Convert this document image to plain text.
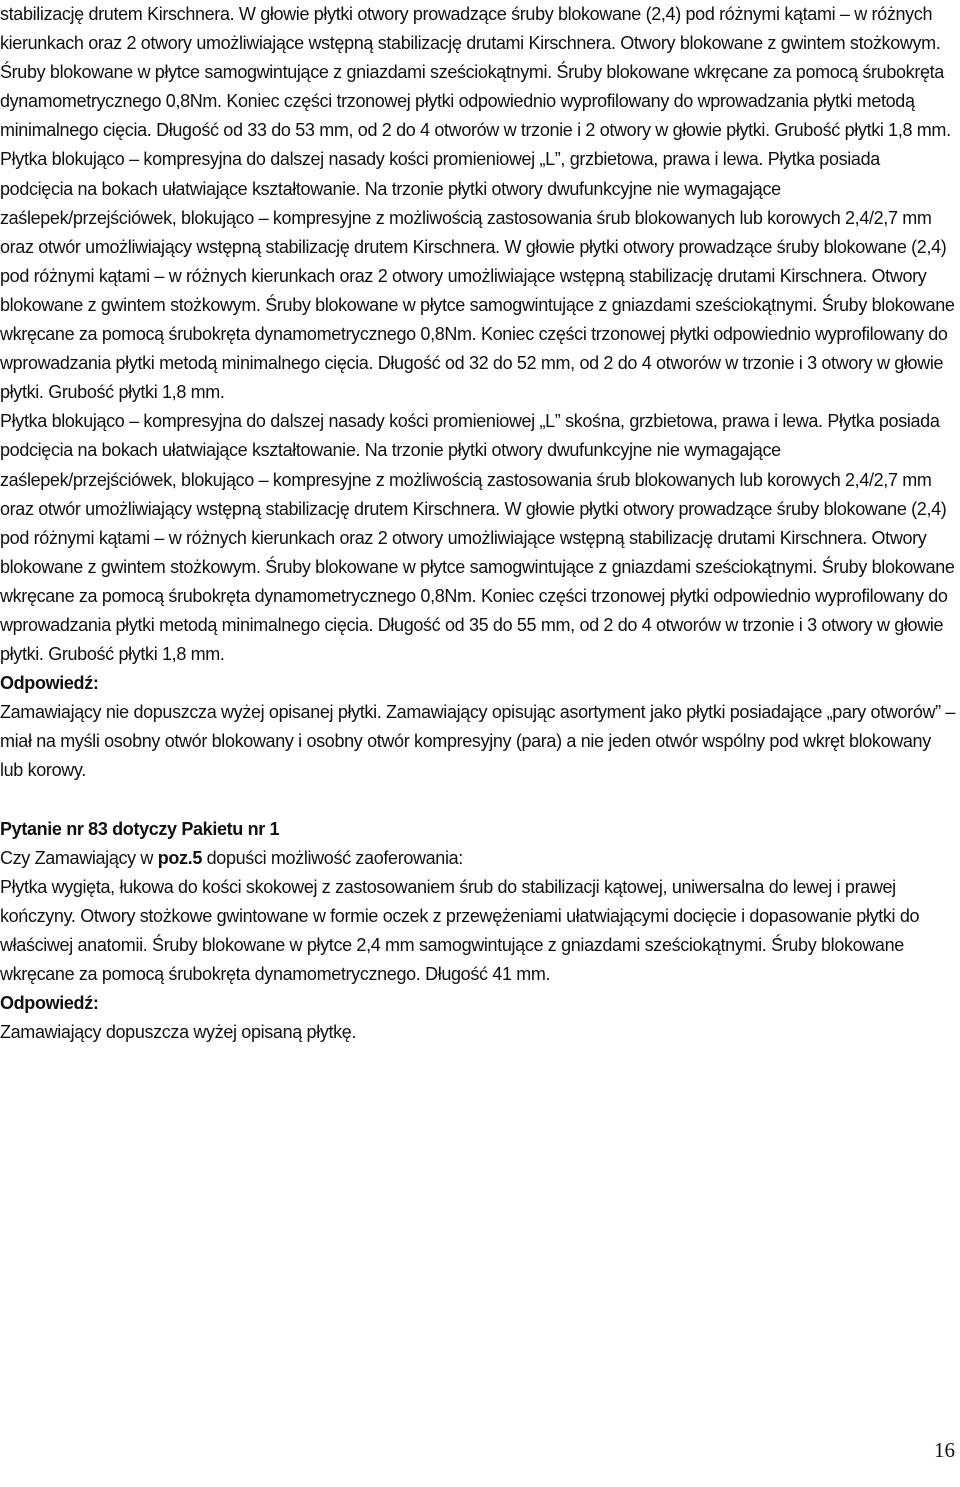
stabilizację drutem Kirschnera. W głowie płytki otwory prowadzące śruby blokowane (2,4) pod różnymi kątami – w różnych kierunkach oraz 2 otwory umożliwiające wstępną stabilizację drutami Kirschnera. Otwory blokowane z gwintem stożkowym. Śruby blokowane w płytce samogwintujące z gniazdami sześciokątnymi. Śruby blokowane wkręcane za pomocą śrubokręta dynamometrycznego 0,8Nm. Koniec części trzonowej płytki odpowiednio wyprofilowany do wprowadzania płytki metodą minimalnego cięcia. Długość od 33 do 53 mm, od 2 do 4 otworów w trzonie i 2 otwory w głowie płytki. Grubość płytki 1,8 mm.

Płytka blokująco – kompresyjna do dalszej nasady kości promieniowej „L”, grzbietowa, prawa i lewa. Płytka posiada podcięcia na bokach ułatwiające kształtowanie. Na trzonie płytki otwory dwufunkcyjne nie wymagające zaślepek/przejściówek, blokująco – kompresyjne z możliwością zastosowania śrub blokowanych lub korowych 2,4/2,7 mm oraz otwór umożliwiający wstępną stabilizację drutem Kirschnera. W głowie płytki otwory prowadzące śruby blokowane (2,4) pod różnymi kątami – w różnych kierunkach oraz 2 otwory umożliwiające wstępną stabilizację drutami Kirschnera. Otwory blokowane z gwintem stożkowym. Śruby blokowane w płytce samogwintujące z gniazdami sześciokątnymi. Śruby blokowane wkręcane za pomocą śrubokręta dynamometrycznego 0,8Nm. Koniec części trzonowej płytki odpowiednio wyprofilowany do wprowadzania płytki metodą minimalnego cięcia. Długość od 32 do 52 mm, od 2 do 4 otworów w trzonie i 3 otwory w głowie płytki. Grubość płytki 1,8 mm.

Płytka blokująco – kompresyjna do dalszej nasady kości promieniowej „L” skośna, grzbietowa, prawa i lewa. Płytka posiada podcięcia na bokach ułatwiające kształtowanie. Na trzonie płytki otwory dwufunkcyjne nie wymagające zaślepek/przejściówek, blokująco – kompresyjne z możliwością zastosowania śrub blokowanych lub korowych 2,4/2,7 mm oraz otwór umożliwiający wstępną stabilizację drutem Kirschnera. W głowie płytki otwory prowadzące śruby blokowane (2,4) pod różnymi kątami – w różnych kierunkach oraz 2 otwory umożliwiające wstępną stabilizację drutami Kirschnera. Otwory blokowane z gwintem stożkowym. Śruby blokowane w płytce samogwintujące z gniazdami sześciokątnymi. Śruby blokowane wkręcane za pomocą śrubokręta dynamometrycznego 0,8Nm. Koniec części trzonowej płytki odpowiednio wyprofilowany do wprowadzania płytki metodą minimalnego cięcia. Długość od 35 do 55 mm, od 2 do 4 otworów w trzonie i 3 otwory w głowie płytki. Grubość płytki 1,8 mm.

Odpowiedź:

Zamawiający nie dopuszcza wyżej opisanej płytki. Zamawiający opisując asortyment jako płytki posiadające „pary otworów” – miał na myśli osobny otwór blokowany i osobny otwór kompresyjny (para) a nie jeden otwór wspólny pod wkręt blokowany lub korowy.

Pytanie nr 83 dotyczy Pakietu nr 1

Czy Zamawiający w poz.5 dopuści możliwość zaoferowania:

Płytka wygięta, łukowa do kości skokowej z zastosowaniem śrub do stabilizacji kątowej, uniwersalna do lewej i prawej kończyny. Otwory stożkowe gwintowane w formie oczek z przewężeniami ułatwiającymi docięcie i dopasowanie płytki do właściwej anatomii. Śruby blokowane w płytce 2,4 mm samogwintujące z gniazdami sześciokątnymi. Śruby blokowane wkręcane za pomocą śrubokręta dynamometrycznego. Długość 41 mm.

Odpowiedź:

Zamawiający dopuszcza wyżej opisaną płytkę.

16
